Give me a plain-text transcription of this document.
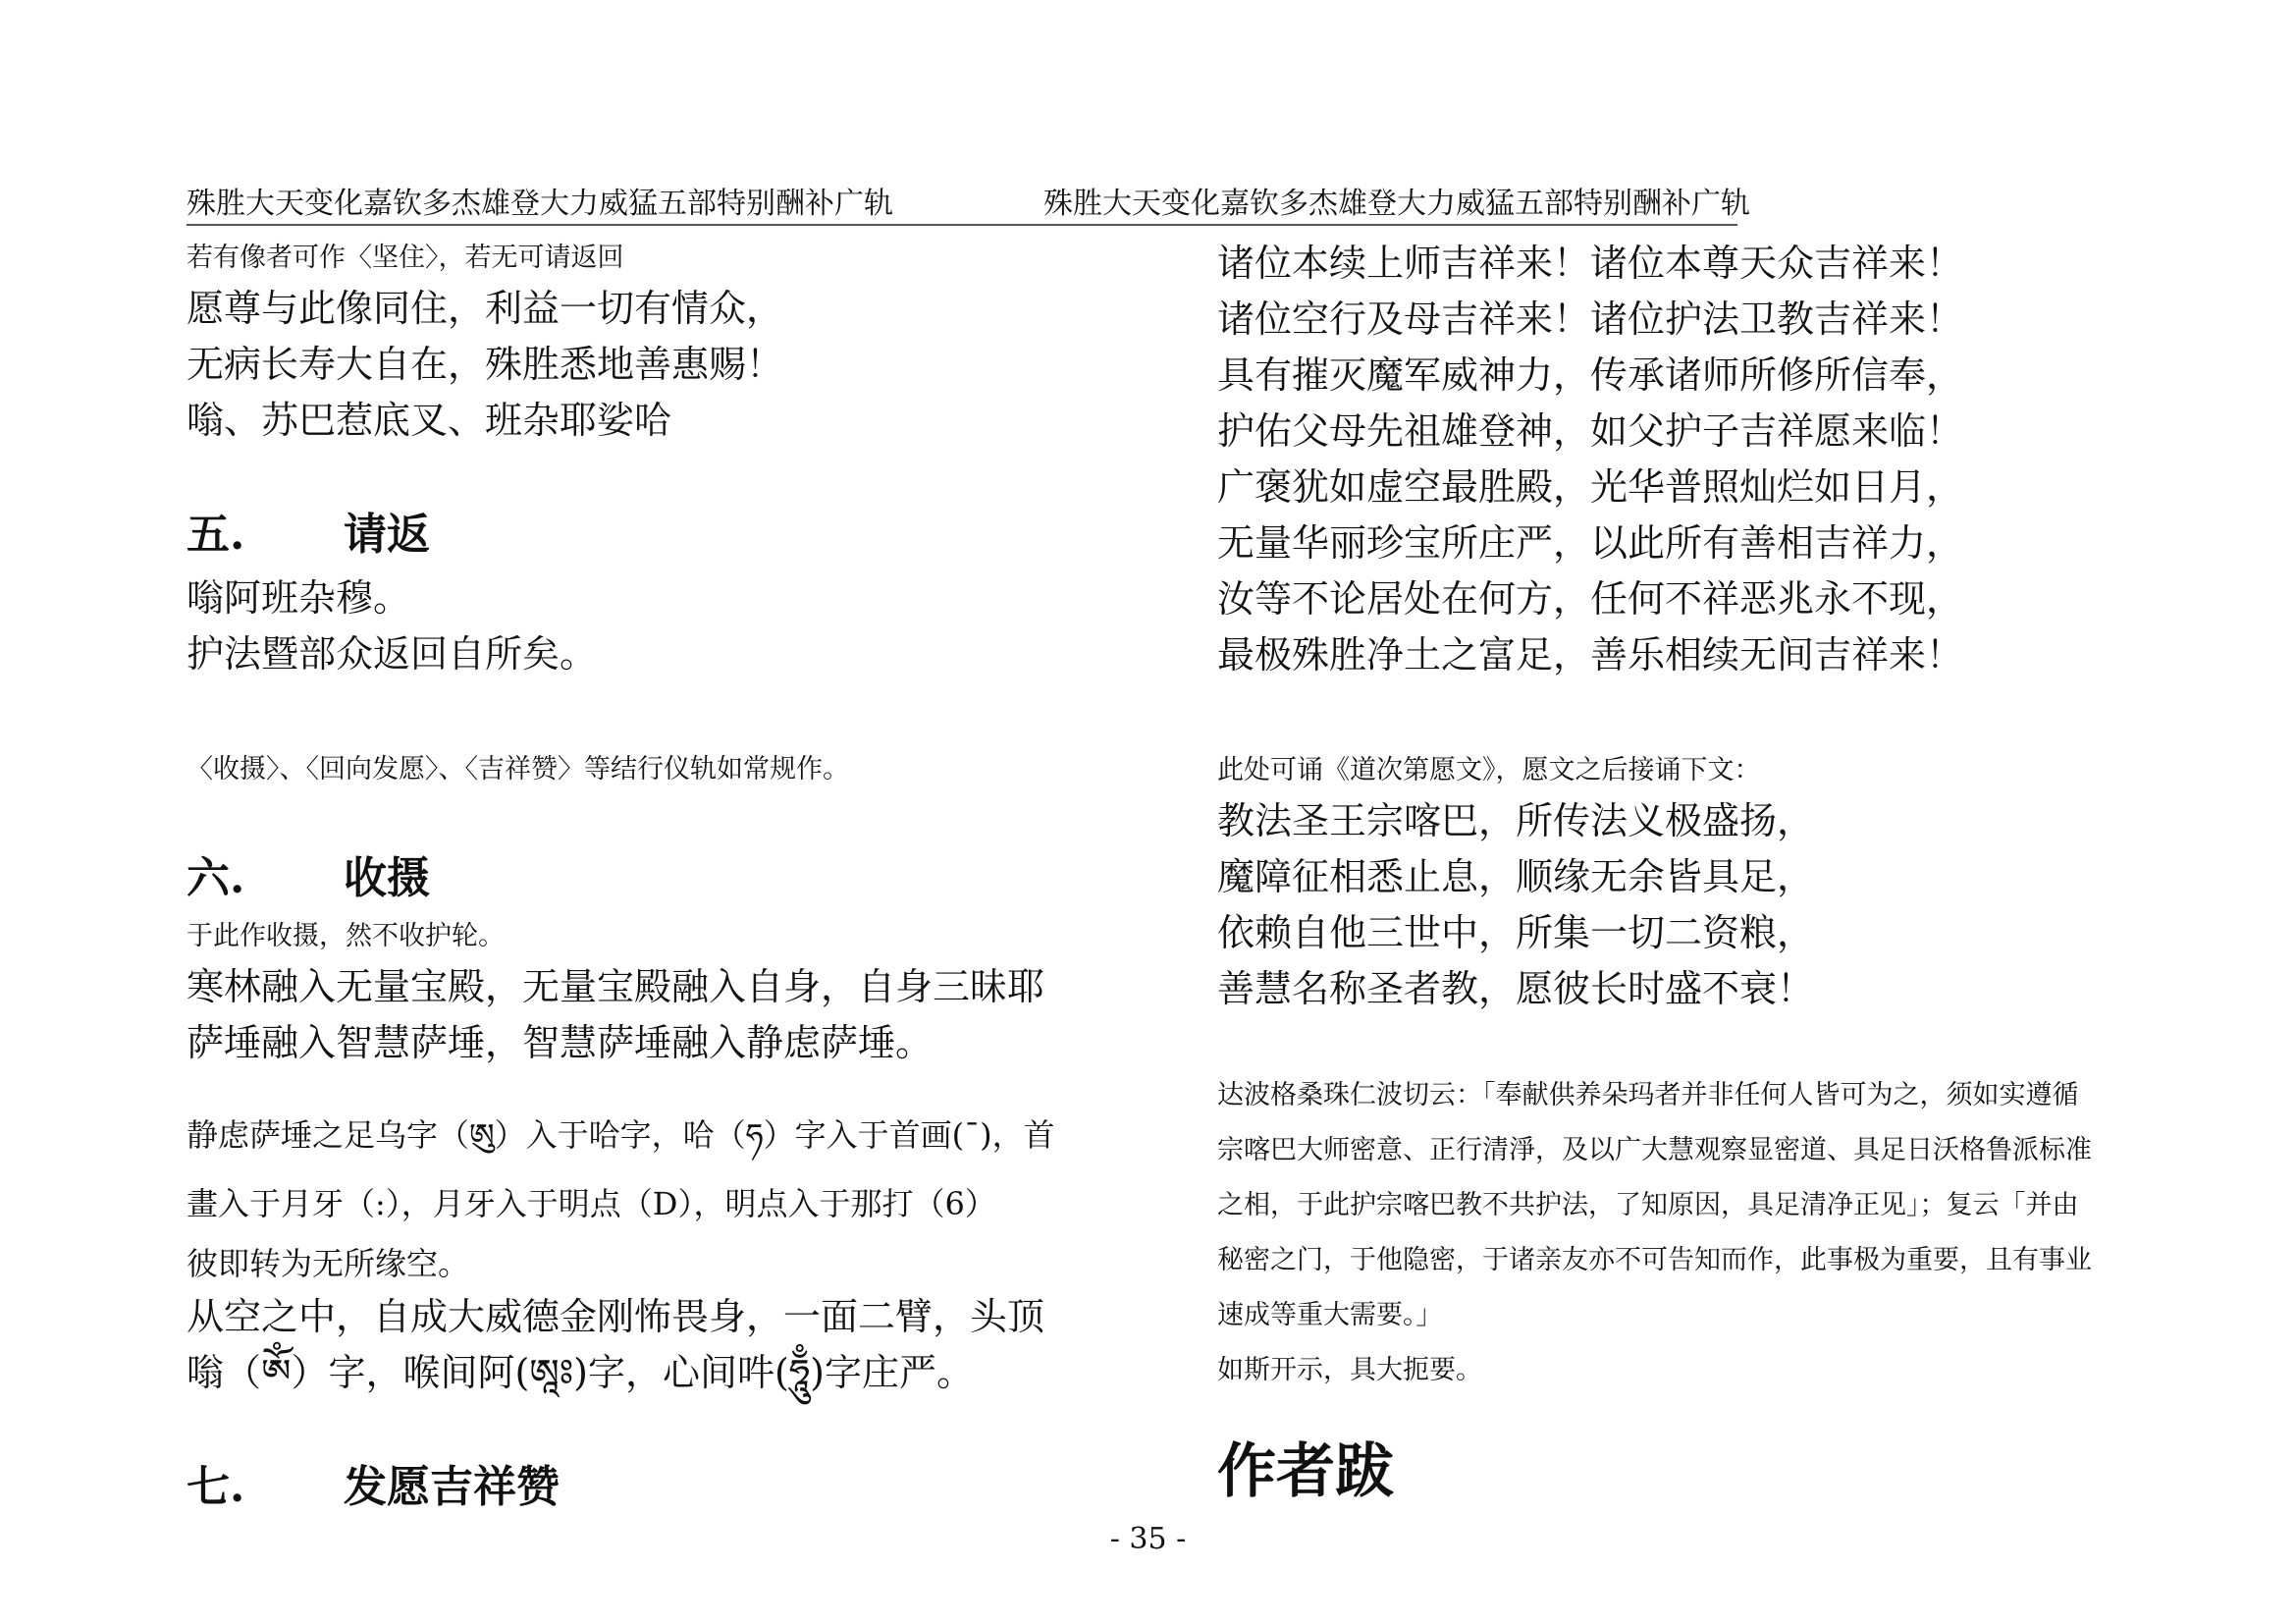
殊胜大天变化嘉钦多杰雄登大力威猛五部特别酬补广轨	殊胜大天变化嘉钦多杰雄登大力威猛五部特别酬补广轨

若有像者可作〈坚住〉，若无可请返回

愿尊与此像同住，利益一切有情众，

无病长寿大自在，殊胜悉地善惠赐！

嗡、苏巴惹底叉、班杂耶娑哈

五. 请返

嗡阿班杂穆。

护法暨部众返回自所矣。

〈收摄〉、〈回向发愿〉、〈吉祥赞〉等结行仪轨如常规作。

六. 收摄

于此作收摄，然不收护轮。

寒林融入无量宝殿，无量宝殿融入自身，自身三昧耶

萨埵融入智慧萨埵，智慧萨埵融入静虑萨埵。

静虑萨埵之足乌字（ཨུ）入于哈字，哈（ཧ）字入于首画(ˉ)，首

畫入于月牙（:），月牙入于明点（D），明点入于那打（6）

彼即转为无所缘空。

从空之中，自成大威德金刚怖畏身，一面二臂，头顶

嗡（ༀ）字，喉间阿(ཨཱཿ)字，心间吽(ཧཱུྃ)字庄严。

七. 发愿吉祥赞

诸位本续上师吉祥来！诸位本尊天众吉祥来！

诸位空行及母吉祥来！诸位护法卫教吉祥来！

具有摧灭魔军威神力，传承诸师所修所信奉，

护佑父母先祖雄登神，如父护子吉祥愿来临！

广褒犹如虚空最胜殿，光华普照灿烂如日月，

无量华丽珍宝所庄严，以此所有善相吉祥力，

汝等不论居处在何方，任何不祥恶兆永不现，

最极殊胜净土之富足，善乐相续无间吉祥来！

此处可诵《道次第愿文》，愿文之后接诵下文：

教法圣王宗喀巴，所传法义极盛扬，

魔障征相悉止息，顺缘无余皆具足，

依赖自他三世中，所集一切二资粮，

善慧名称圣者教，愿彼长时盛不衰！

达波格桑珠仁波切云：「奉献供养朵玛者并非任何人皆可为之，须如实遵循

宗喀巴大师密意、正行清淨，及以广大慧观察显密道、具足日沃格鲁派标准

之相，于此护宗喀巴教不共护法，了知原因，具足清净正见」；复云「并由

秘密之门，于他隐密，于诸亲友亦不可告知而作，此事极为重要，且有事业

速成等重大需要。」

如斯开示，具大扼要。

作者跋

- 35 -
